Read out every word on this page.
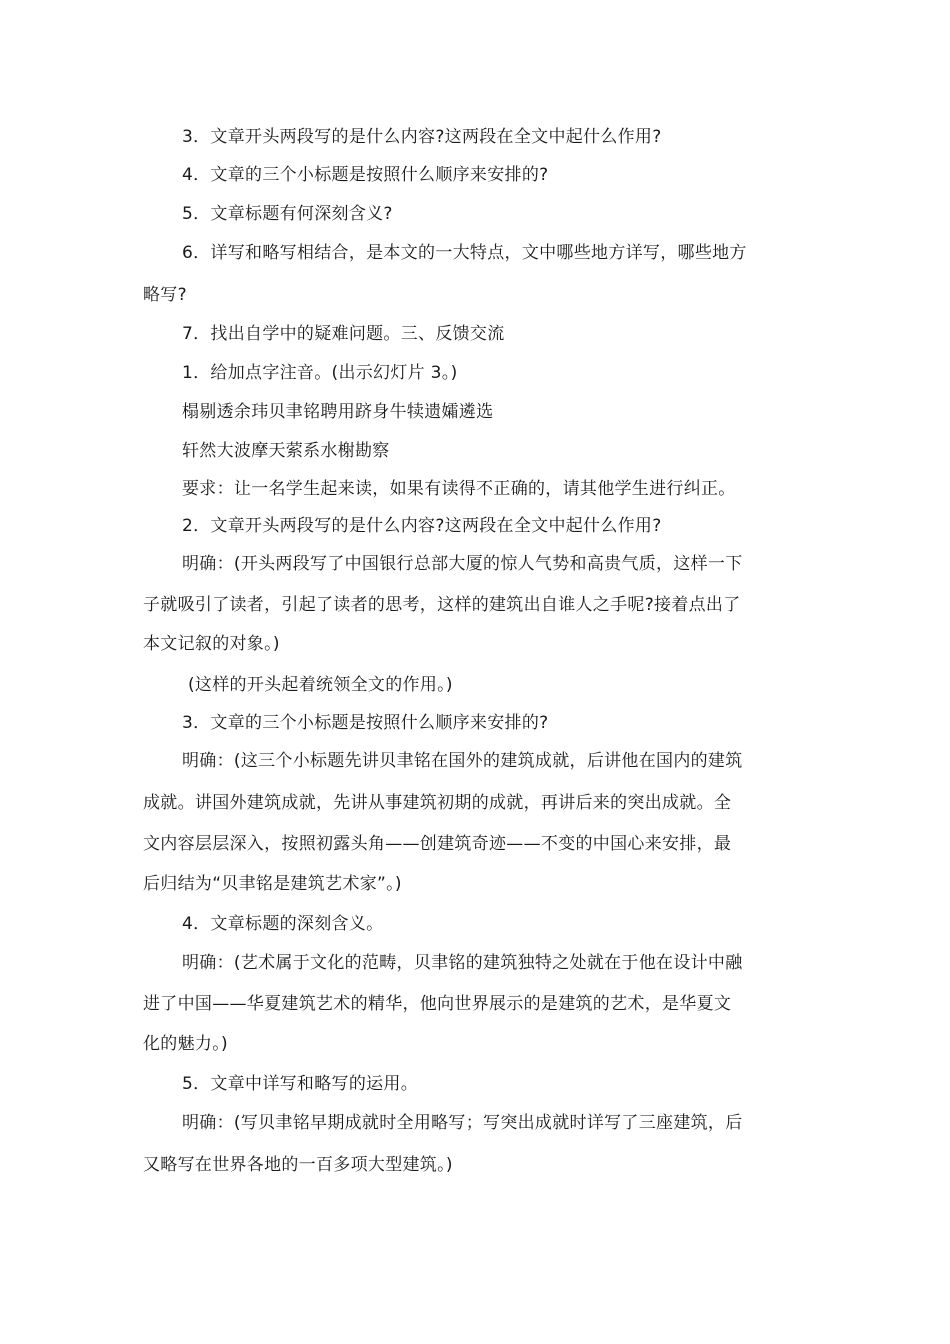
3．文章开头两段写的是什么内容?这两段在全文中起什么作用?
4．文章的三个小标题是按照什么顺序来安排的?
5．文章标题有何深刻含义?
6．详写和略写相结合，是本文的一大特点，文中哪些地方详写，哪些地方
略写?
7．找出自学中的疑难问题。三、反馈交流
1．给加点字注音。(出示幻灯片 3。)
榻剔透余玮贝聿铭聘用跻身牛犊遗孀遴选
轩然大波摩天萦系水榭勘察
要求：让一名学生起来读，如果有读得不正确的，请其他学生进行纠正。
2．文章开头两段写的是什么内容?这两段在全文中起什么作用?
明确：(开头两段写了中国银行总部大厦的惊人气势和高贵气质，这样一下
子就吸引了读者，引起了读者的思考，这样的建筑出自谁人之手呢?接着点出了
本文记叙的对象。)
(这样的开头起着统领全文的作用。)
3．文章的三个小标题是按照什么顺序来安排的?
明确：(这三个小标题先讲贝聿铭在国外的建筑成就，后讲他在国内的建筑
成就。讲国外建筑成就，先讲从事建筑初期的成就，再讲后来的突出成就。全
文内容层层深入，按照初露头角——创建筑奇迹——不变的中国心来安排，最
后归结为“贝聿铭是建筑艺术家”。)
4．文章标题的深刻含义。
明确：(艺术属于文化的范畴，贝聿铭的建筑独特之处就在于他在设计中融
进了中国——华夏建筑艺术的精华，他向世界展示的是建筑的艺术，是华夏文
化的魅力。)
5．文章中详写和略写的运用。
明确：(写贝聿铭早期成就时全用略写；写突出成就时详写了三座建筑，后
又略写在世界各地的一百多项大型建筑。)
